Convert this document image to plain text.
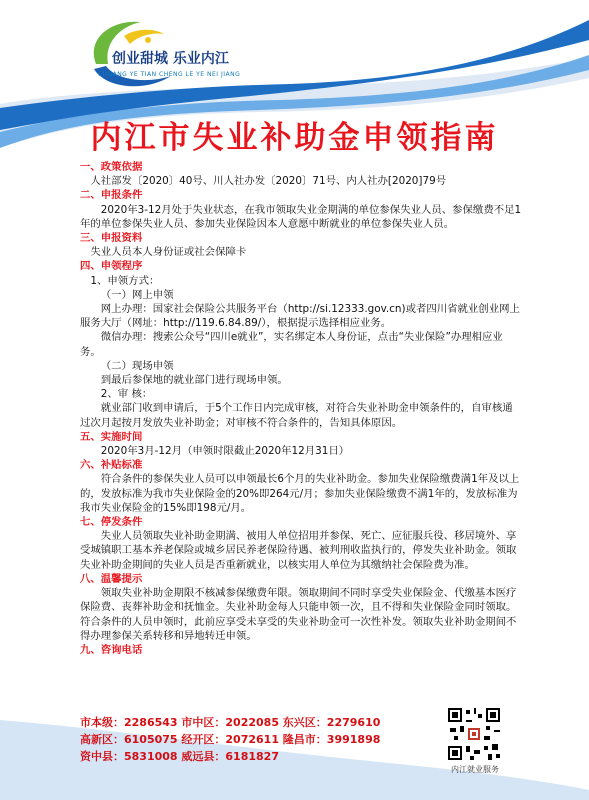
创业甜城 乐业内江
CHUANG YE TIAN CHENG LE YE NEI JIANG
内江市失业补助金申领指南

一、政策依据

人社部发〔2020〕40号、川人社办发〔2020〕71号、内人社办[2020]79号

二、申报条件

2020年3-12月处于失业状态，在我市领取失业金期满的单位参保失业人员、参保缴费不足1年的单位参保失业人员、参加失业保险因本人意愿中断就业的单位参保失业人员。

三、申报资料

失业人员本人身份证或社会保障卡

四、申领程序

1、申领方式：

（一）网上申领

网上办理：国家社会保险公共服务平台（http://si.12333.gov.cn)或者四川省就业创业网上服务大厅（网址：http://119.6.84.89/），根据提示选择相应业务。

微信办理：搜索公众号“四川e就业”，实名绑定本人身份证，点击“失业保险”办理相应业务。

（二）现场申领

到最后参保地的就业部门进行现场申领。

2、审 核：

就业部门收到申请后，于5个工作日内完成审核，对符合失业补助金申领条件的，自审核通过次月起按月发放失业补助金；对审核不符合条件的，告知具体原因。

五、实施时间

2020年3月-12月（申领时限截止2020年12月31日）

六、补贴标准

符合条件的参保失业人员可以申领最长6个月的失业补助金。参加失业保险缴费满1年及以上的，发放标准为我市失业保险金的20%即264元/月；参加失业保险缴费不满1年的，发放标准为我市失业保险金的15%即198元/月。

七、停发条件

失业人员领取失业补助金期满、被用人单位招用并参保、死亡、应征服兵役、移居境外、享受城镇职工基本养老保险或城乡居民养老保险待遇、被判刑收监执行的，停发失业补助金。领取失业补助金期间的失业人员是否重新就业，以核实用人单位为其缴纳社会保险费为准。

八、温馨提示

领取失业补助金期限不核减参保缴费年限。领取期间不同时享受失业保险金、代缴基本医疗保险费、丧葬补助金和抚恤金。失业补助金每人只能申领一次，且不得和失业保险金同时领取。符合条件的人员申领时，此前应享受未享受的失业补助金可一次性补发。领取失业补助金期间不得办理参保关系转移和异地转迁申领。

九、咨询电话

市本级：2286543 市中区：2022085 东兴区：2279610
高新区：6105075 经开区：2072611 隆昌市：3991898
资中县：5831008 威远县：6181827
内江就业服务
